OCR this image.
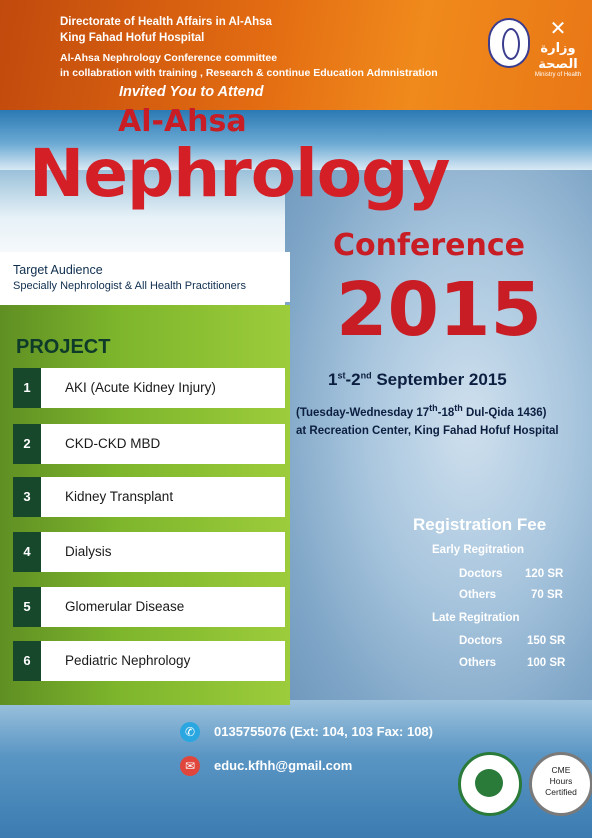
Directorate of Health Affairs in Al-Ahsa
King Fahad Hofuf Hospital
Al-Ahsa Nephrology Conference committee
in collabration with training , Research & continue Education Admnistration
✕
وزارة الصحة
Ministry of Health
Invited You to Attend
Al-Ahsa
Nephrology
Conference
2015
Target Audience
Specially Nephrologist & All Health Practitioners
PROJECT
1	AKI (Acute Kidney Injury)
2	CKD-CKD MBD
3	Kidney Transplant
4	Dialysis
5	Glomerular Disease
6	Pediatric Nephrology
1st-2nd September 2015
(Tuesday-Wednesday 17th-18th Dul-Qida 1436)
at Recreation Center, King Fahad Hofuf Hospital
Registration Fee
Early Regitration
Doctors 120 SR
Others	70 SR
Late Regitration
Doctors 150 SR
Others	100 SR
✆	0135755076 (Ext: 104, 103 Fax: 108)
✉	educ.kfhh@gmail.com	CME
Hours
Certified
